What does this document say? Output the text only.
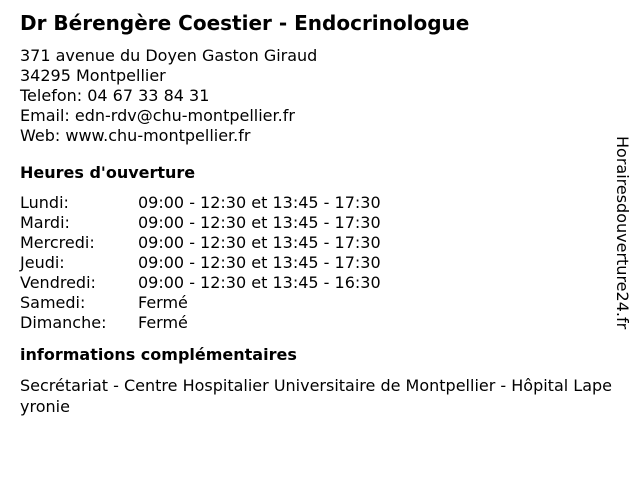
Dr Bérengère Coestier - Endocrinologue
371 avenue du Doyen Gaston Giraud
34295 Montpellier
Telefon: 04 67 33 84 31
Email: edn-rdv@chu-montpellier.fr
Web: www.chu-montpellier.fr
Heures d'ouverture
Lundi:	09:00 - 12:30 et 13:45 - 17:30
Mardi:	09:00 - 12:30 et 13:45 - 17:30
Mercredi:	09:00 - 12:30 et 13:45 - 17:30
Jeudi:	09:00 - 12:30 et 13:45 - 17:30
Vendredi:	09:00 - 12:30 et 13:45 - 16:30
Samedi:	Fermé
Dimanche:	Fermé
informations complémentaires
Secrétariat - Centre Hospitalier Universitaire de Montpellier - Hôpital Lapeyronie
Horairesdouverture24.fr
